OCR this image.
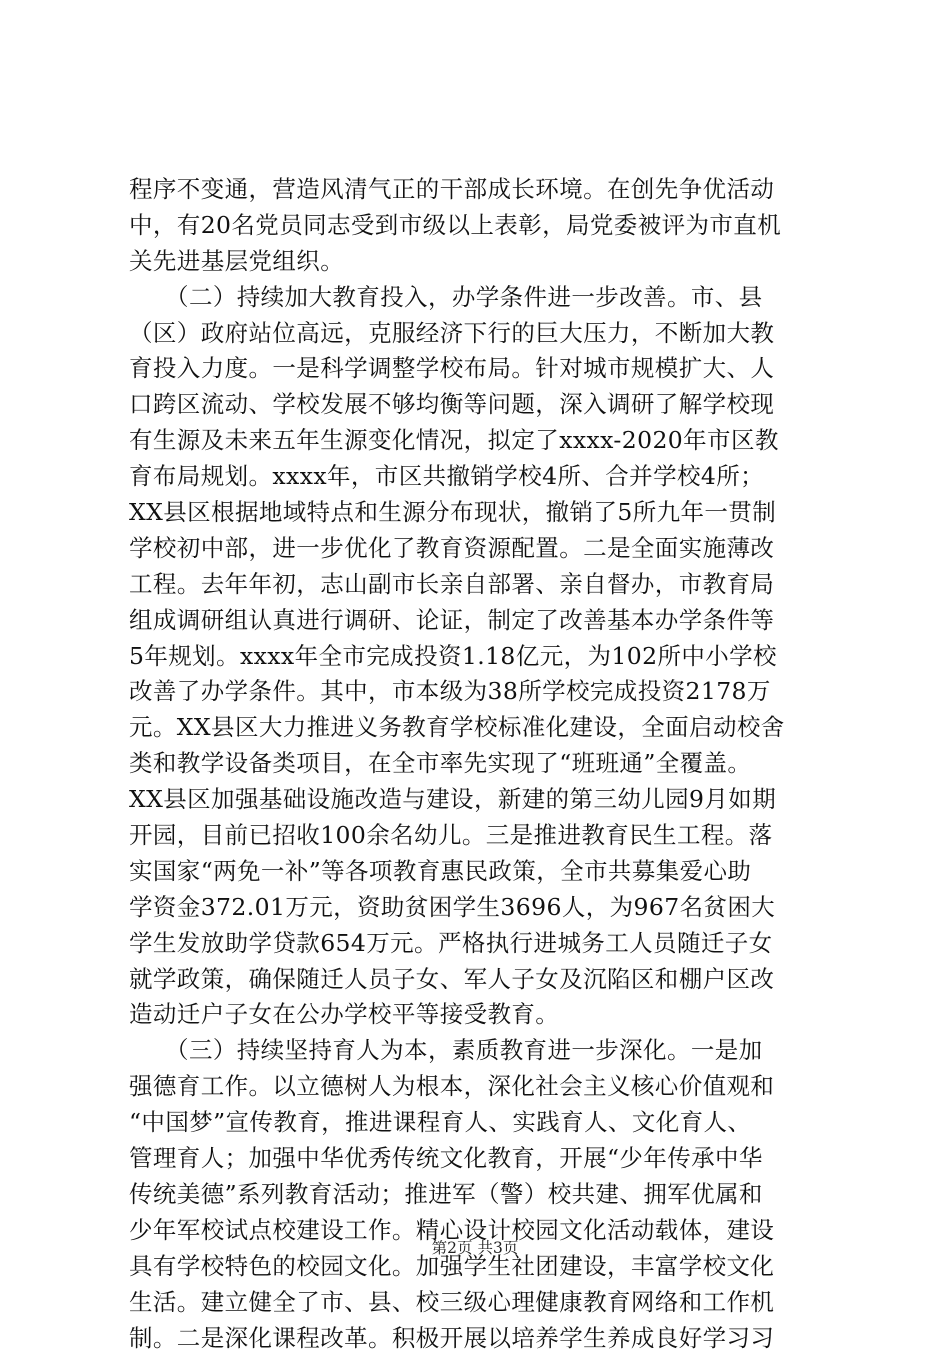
程序不变通，营造风清气正的干部成长环境。在创先争优活动
中，有20名党员同志受到市级以上表彰，局党委被评为市直机
关先进基层党组织。
　　（二）持续加大教育投入，办学条件进一步改善。市、县
（区）政府站位高远，克服经济下行的巨大压力，不断加大教
育投入力度。一是科学调整学校布局。针对城市规模扩大、人
口跨区流动、学校发展不够均衡等问题，深入调研了解学校现
有生源及未来五年生源变化情况，拟定了xxxx-2020年市区教
育布局规划。xxxx年，市区共撤销学校4所、合并学校4所；
XX县区根据地域特点和生源分布现状，撤销了5所九年一贯制
学校初中部，进一步优化了教育资源配置。二是全面实施薄改
工程。去年年初，志山副市长亲自部署、亲自督办，市教育局
组成调研组认真进行调研、论证，制定了改善基本办学条件等
5年规划。xxxx年全市完成投资1.18亿元，为102所中小学校
改善了办学条件。其中，市本级为38所学校完成投资2178万
元。XX县区大力推进义务教育学校标准化建设，全面启动校舍
类和教学设备类项目，在全市率先实现了“班班通”全覆盖。
XX县区加强基础设施改造与建设，新建的第三幼儿园9月如期
开园，目前已招收100余名幼儿。三是推进教育民生工程。落
实国家“两免一补”等各项教育惠民政策，全市共募集爱心助
学资金372.01万元，资助贫困学生3696人，为967名贫困大
学生发放助学贷款654万元。严格执行进城务工人员随迁子女
就学政策，确保随迁人员子女、军人子女及沉陷区和棚户区改
造动迁户子女在公办学校平等接受教育。
　　（三）持续坚持育人为本，素质教育进一步深化。一是加
强德育工作。以立德树人为根本，深化社会主义核心价值观和
“中国梦”宣传教育，推进课程育人、实践育人、文化育人、
管理育人；加强中华优秀传统文化教育，开展“少年传承中华
传统美德”系列教育活动；推进军（警）校共建、拥军优属和
少年军校试点校建设工作。精心设计校园文化活动载体，建设
具有学校特色的校园文化。加强学生社团建设，丰富学校文化
生活。建立健全了市、县、校三级心理健康教育网络和工作机
制。二是深化课程改革。积极开展以培养学生养成良好学习习
第2页 共3页
